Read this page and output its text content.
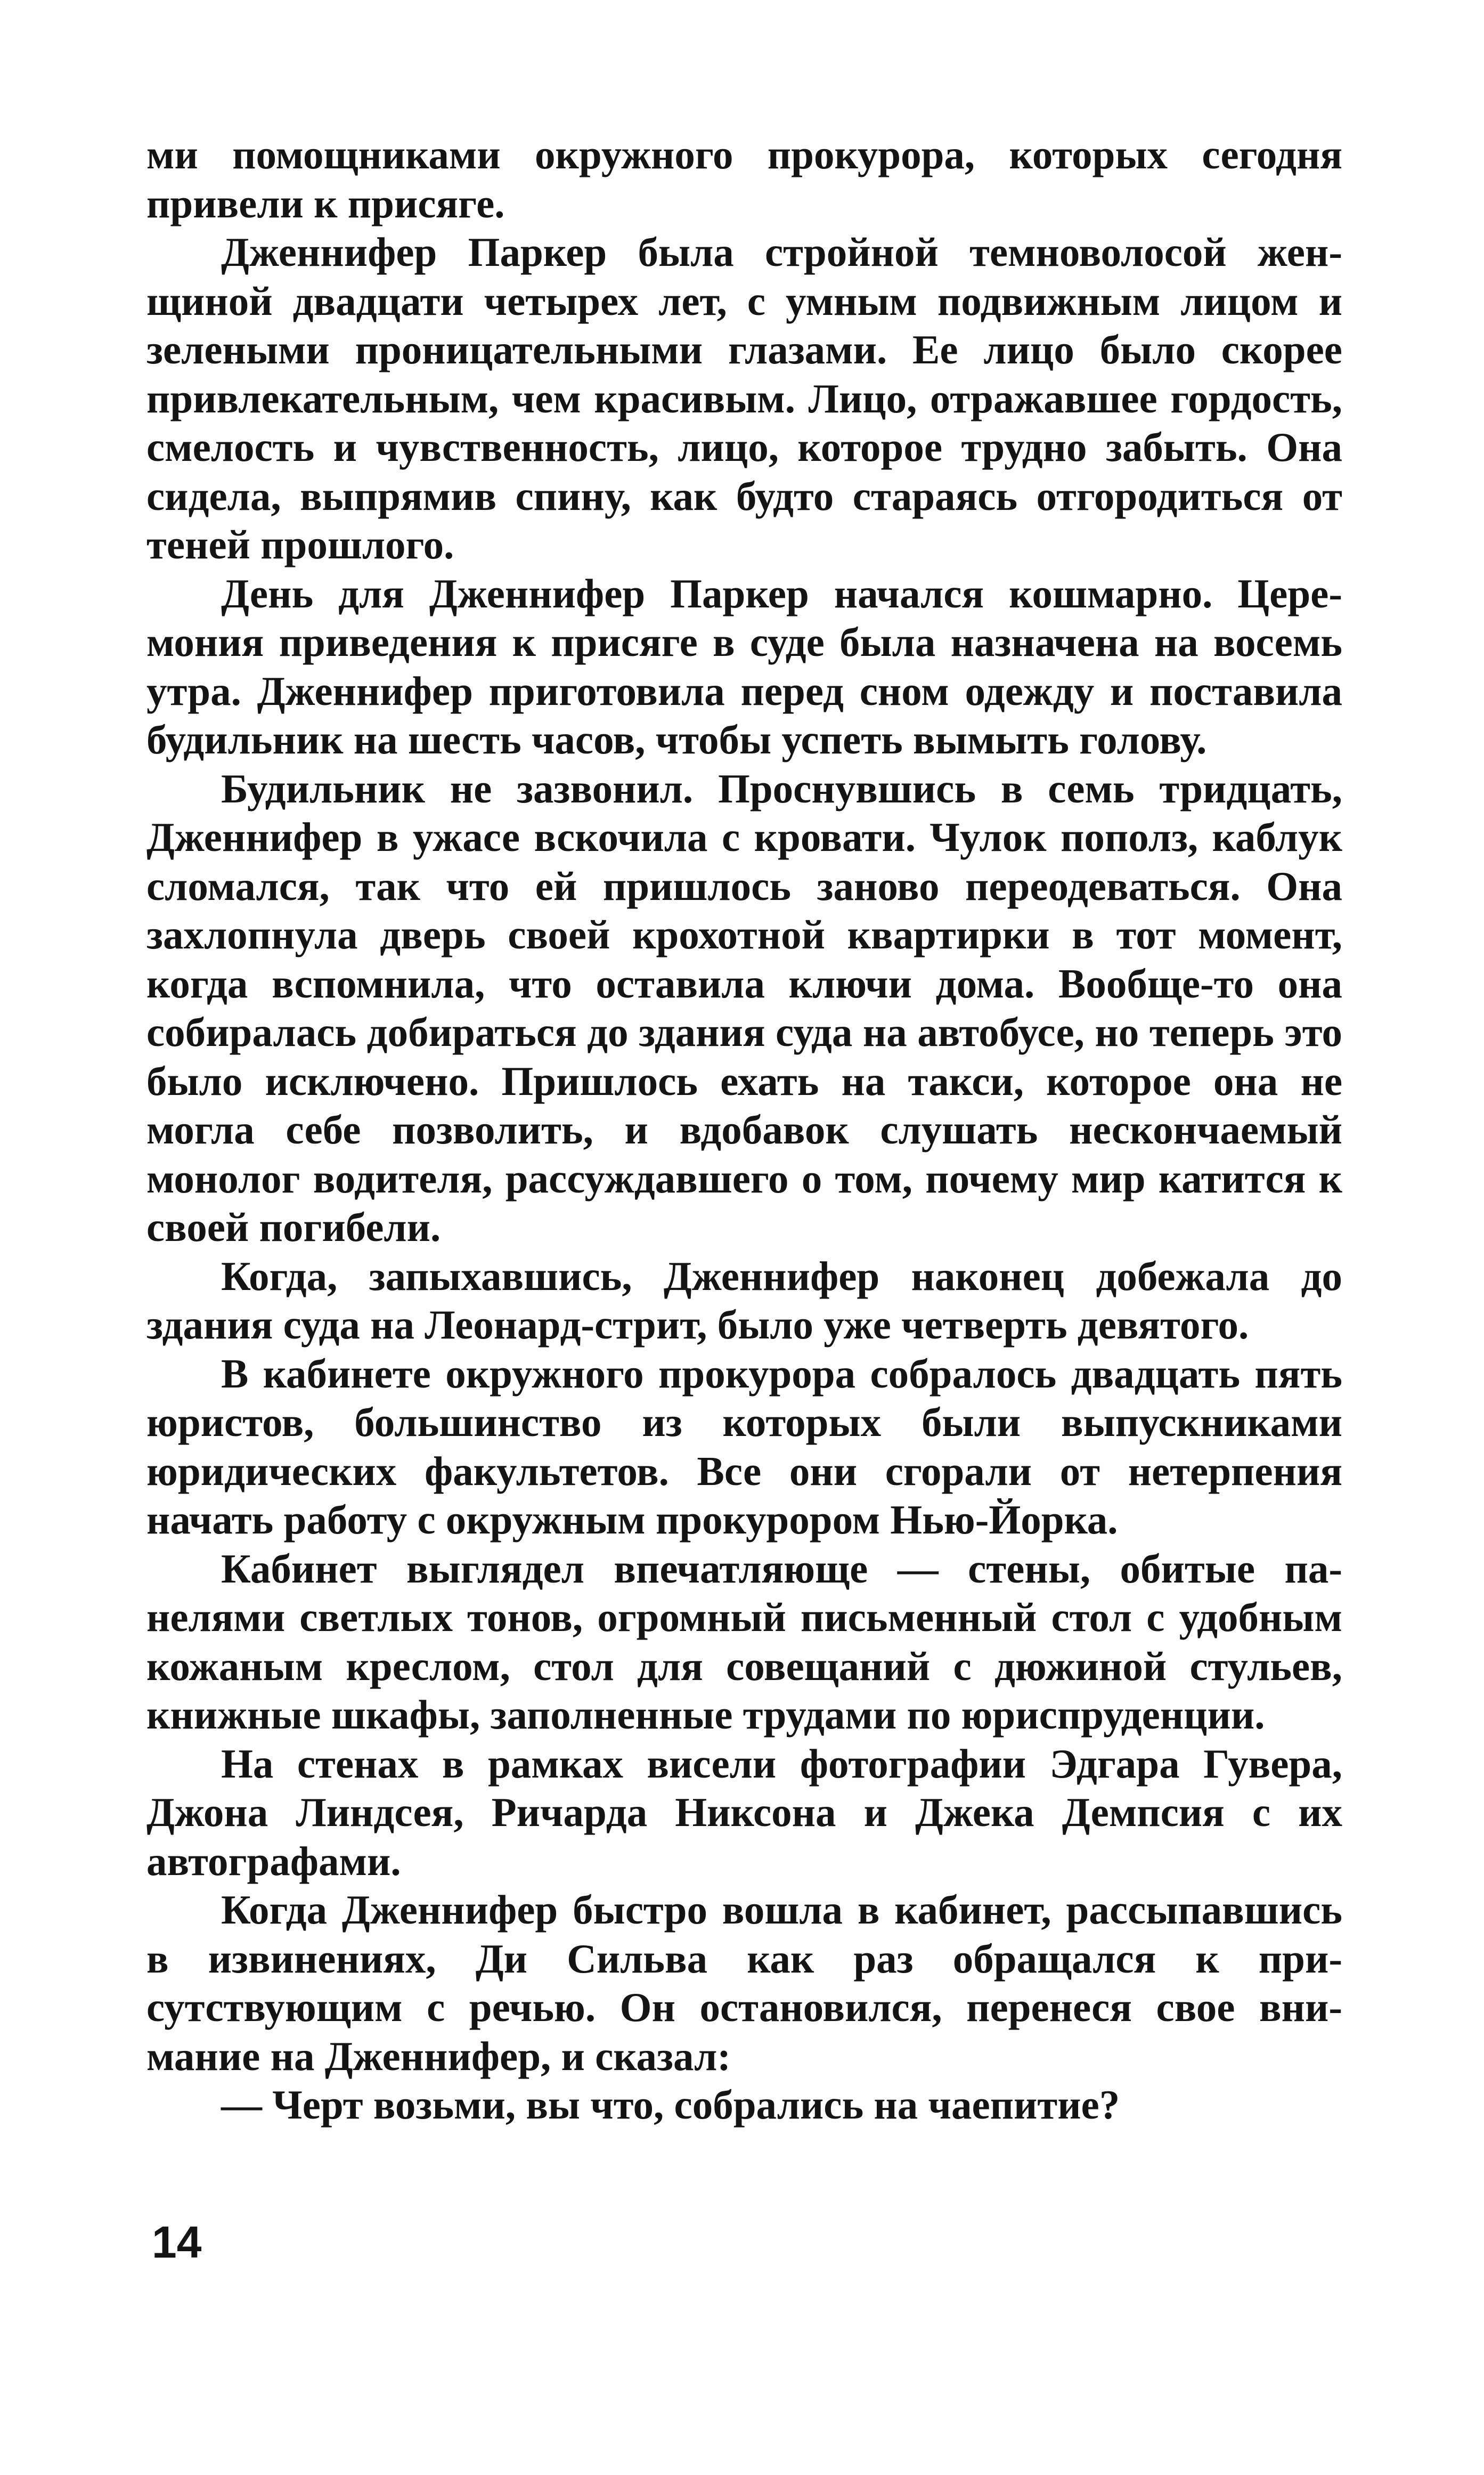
ми помощниками окружного прокурора, которых сегодня привели к присяге.

Дженнифер Паркер была стройной темноволосой женщиной двадцати четырех лет, с умным подвижным лицом и зелеными проницательными глазами. Ее лицо было скорее привлекательным, чем красивым. Лицо, отражавшее гордость, смелость и чувственность, лицо, которое трудно забыть. Она сидела, выпрямив спину, как будто стараясь отгородиться от теней прошлого.

День для Дженнифер Паркер начался кошмарно. Церемония приведения к присяге в суде была назначена на восемь утра. Дженнифер приготовила перед сном одежду и поставила будильник на шесть часов, чтобы успеть вымыть голову.

Будильник не зазвонил. Проснувшись в семь тридцать, Дженнифер в ужасе вскочила с кровати. Чулок пополз, каблук сломался, так что ей пришлось заново переодеваться. Она захлопнула дверь своей крохотной квартирки в тот момент, когда вспомнила, что оставила ключи дома. Вообще-то она собиралась добираться до здания суда на автобусе, но теперь это было исключено. Пришлось ехать на такси, которое она не могла себе позволить, и вдобавок слушать нескончаемый монолог водителя, рассуждавшего о том, почему мир катится к своей погибели.

Когда, запыхавшись, Дженнифер наконец добежала до здания суда на Леонард-стрит, было уже четверть девятого.

В кабинете окружного прокурора собралось двадцать пять юристов, большинство из которых были выпускниками юридических факультетов. Все они сгорали от нетерпения начать работу с окружным прокурором Нью-Йорка.

Кабинет выглядел впечатляюще — стены, обитые панелями светлых тонов, огромный письменный стол с удобным кожаным креслом, стол для совещаний с дюжиной стульев, книжные шкафы, заполненные трудами по юриспруденции.

На стенах в рамках висели фотографии Эдгара Гувера, Джона Линдсея, Ричарда Никсона и Джека Демпсия с их автографами.

Когда Дженнифер быстро вошла в кабинет, рассыпавшись в извинениях, Ди Сильва как раз обращался к присутствующим с речью. Он остановился, перенеся свое внимание на Дженнифер, и сказал:

— Черт возьми, вы что, собрались на чаепитие?

14
